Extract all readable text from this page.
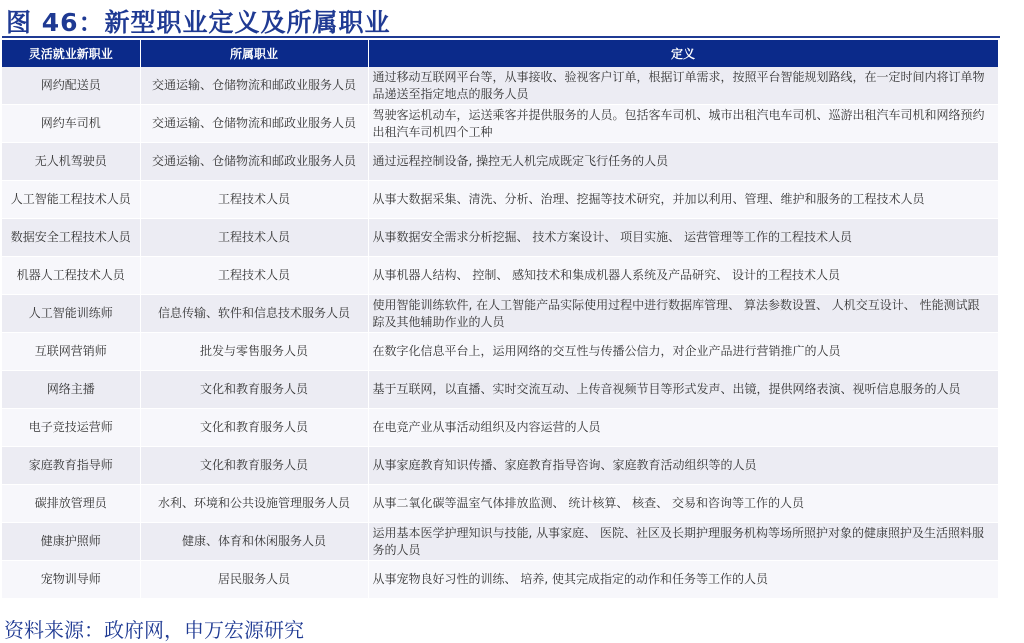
图 46：新型职业定义及所属职业
灵活就业新职业	所属职业	定义
网约配送员	交通运输、仓储物流和邮政业服务人员	通过移动互联网平台等，从事接收、验视客户订单，根据订单需求，按照平台智能规划路线，在一定时间内将订单物品递送至指定地点的服务人员
网约车司机	交通运输、仓储物流和邮政业服务人员	驾驶客运机动车，运送乘客并提供服务的人员。包括客车司机、城市出租汽电车司机、巡游出租汽车司机和网络预约出租汽车司机四个工种
无人机驾驶员	交通运输、仓储物流和邮政业服务人员	通过远程控制设备, 操控无人机完成既定飞行任务的人员
人工智能工程技术人员	工程技术人员	从事大数据采集、清洗、分析、治理、挖掘等技术研究，并加以利用、管理、维护和服务的工程技术人员
数据安全工程技术人员	工程技术人员	从事数据安全需求分析挖掘、 技术方案设计、 项目实施、 运营管理等工作的工程技术人员
机器人工程技术人员	工程技术人员	从事机器人结构、 控制、 感知技术和集成机器人系统及产品研究、 设计的工程技术人员
人工智能训练师	信息传输、软件和信息技术服务人员	使用智能训练软件, 在人工智能产品实际使用过程中进行数据库管理、 算法参数设置、 人机交互设计、 性能测试跟踪及其他辅助作业的人员
互联网营销师	批发与零售服务人员	在数字化信息平台上，运用网络的交互性与传播公信力，对企业产品进行营销推广的人员
网络主播	文化和教育服务人员	基于互联网，以直播、实时交流互动、上传音视频节目等形式发声、出镜，提供网络表演、视听信息服务的人员
电子竞技运营师	文化和教育服务人员	在电竞产业从事活动组织及内容运营的人员
家庭教育指导师	文化和教育服务人员	从事家庭教育知识传播、家庭教育指导咨询、家庭教育活动组织等的人员
碳排放管理员	水利、环境和公共设施管理服务人员	从事二氧化碳等温室气体排放监测、 统计核算、 核查、 交易和咨询等工作的人员
健康护照师	健康、体育和休闲服务人员	运用基本医学护理知识与技能, 从事家庭、 医院、社区及长期护理服务机构等场所照护对象的健康照护及生活照料服务的人员
宠物训导师	居民服务人员	从事宠物良好习性的训练、 培养, 使其完成指定的动作和任务等工作的人员
资料来源：政府网，申万宏源研究
